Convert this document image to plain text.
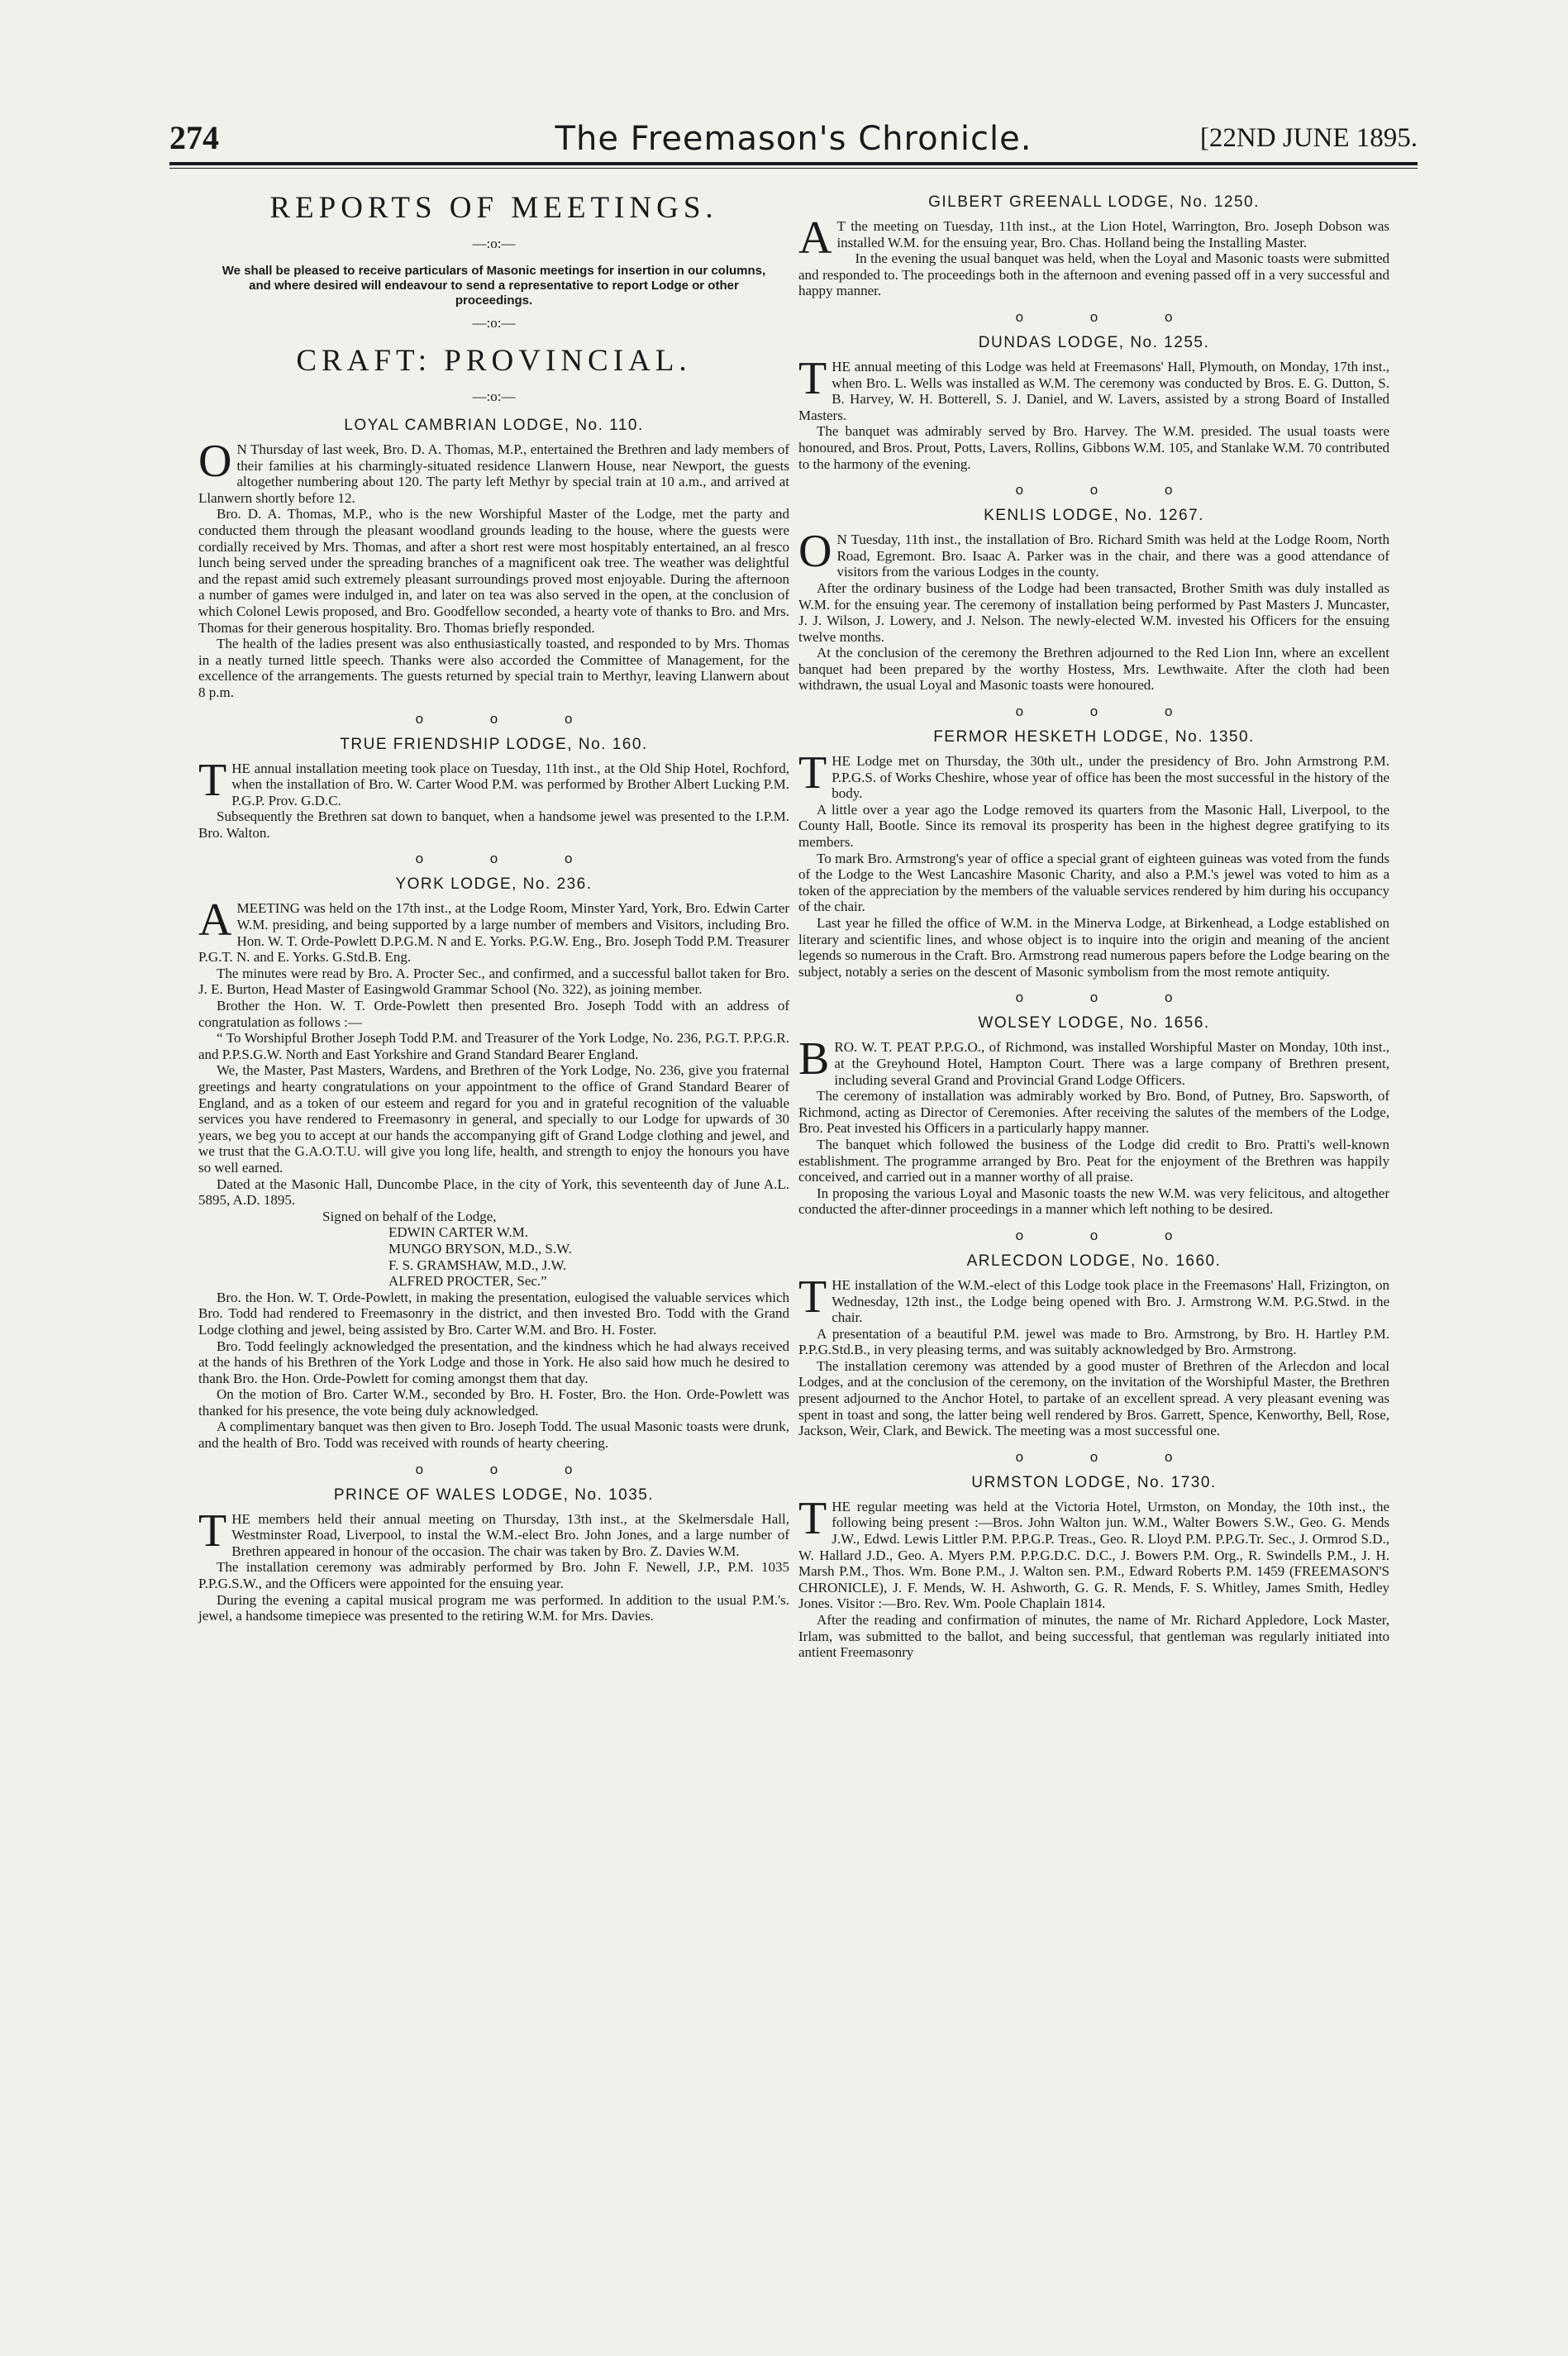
274	The Freemason's Chronicle.	[22ND JUNE 1895.
REPORTS OF MEETINGS.
—:o:—
We shall be pleased to receive particulars of Masonic meetings for insertion in our columns, and where desired will endeavour to send a representative to report Lodge or other proceedings.
—:o:—
CRAFT: PROVINCIAL.
—:o:—
LOYAL CAMBRIAN LODGE, No. 110.

ON Thursday of last week, Bro. D. A. Thomas, M.P., entertained the Brethren and lady members of their families at his charmingly-situated residence Llanwern House, near Newport, the guests altogether numbering about 120. The party left Methyr by special train at 10 a.m., and arrived at Llanwern shortly before 12.

Bro. D. A. Thomas, M.P., who is the new Worshipful Master of the Lodge, met the party and conducted them through the pleasant woodland grounds leading to the house, where the guests were cordially received by Mrs. Thomas, and after a short rest were most hospitably entertained, an al fresco lunch being served under the spreading branches of a magnificent oak tree. The weather was delightful and the repast amid such extremely pleasant surroundings proved most enjoyable. During the afternoon a number of games were indulged in, and later on tea was also served in the open, at the conclusion of which Colonel Lewis proposed, and Bro. Goodfellow seconded, a hearty vote of thanks to Bro. and Mrs. Thomas for their generous hospitality. Bro. Thomas briefly responded.

The health of the ladies present was also enthusiastically toasted, and responded to by Mrs. Thomas in a neatly turned little speech. Thanks were also accorded the Committee of Management, for the excellence of the arrangements. The guests returned by special train to Merthyr, leaving Llanwern about 8 p.m.

o o o
TRUE FRIENDSHIP LODGE, No. 160.

THE annual installation meeting took place on Tuesday, 11th inst., at the Old Ship Hotel, Rochford, when the installation of Bro. W. Carter Wood P.M. was performed by Brother Albert Lucking P.M. P.G.P. Prov. G.D.C.

Subsequently the Brethren sat down to banquet, when a handsome jewel was presented to the I.P.M. Bro. Walton.

o o o
YORK LODGE, No. 236.

AMEETING was held on the 17th inst., at the Lodge Room, Minster Yard, York, Bro. Edwin Carter W.M. presiding, and being supported by a large number of members and Visitors, including Bro. Hon. W. T. Orde-Powlett D.P.G.M. N and E. Yorks. P.G.W. Eng., Bro. Joseph Todd P.M. Treasurer P.G.T. N. and E. Yorks. G.Std.B. Eng.

The minutes were read by Bro. A. Procter Sec., and confirmed, and a successful ballot taken for Bro. J. E. Burton, Head Master of Easingwold Grammar School (No. 322), as joining member.

Brother the Hon. W. T. Orde-Powlett then presented Bro. Joseph Todd with an address of congratulation as follows :—

“ To Worshipful Brother Joseph Todd P.M. and Treasurer of the York Lodge, No. 236, P.G.T. P.P.G.R. and P.P.S.G.W. North and East Yorkshire and Grand Standard Bearer England.

We, the Master, Past Masters, Wardens, and Brethren of the York Lodge, No. 236, give you fraternal greetings and hearty congratulations on your appointment to the office of Grand Standard Bearer of England, and as a token of our esteem and regard for you and in grateful recognition of the valuable services you have rendered to Freemasonry in general, and specially to our Lodge for upwards of 30 years, we beg you to accept at our hands the accompanying gift of Grand Lodge clothing and jewel, and we trust that the G.A.O.T.U. will give you long life, health, and strength to enjoy the honours you have so well earned.

Dated at the Masonic Hall, Duncombe Place, in the city of York, this seventeenth day of June A.L. 5895, A.D. 1895.

Signed on behalf of the Lodge,

EDWIN CARTER W.M.

MUNGO BRYSON, M.D., S.W.

F. S. GRAMSHAW, M.D., J.W.

ALFRED PROCTER, Sec.”

Bro. the Hon. W. T. Orde-Powlett, in making the presentation, eulogised the valuable services which Bro. Todd had rendered to Freemasonry in the district, and then invested Bro. Todd with the Grand Lodge clothing and jewel, being assisted by Bro. Carter W.M. and Bro. H. Foster.

Bro. Todd feelingly acknowledged the presentation, and the kindness which he had always received at the hands of his Brethren of the York Lodge and those in York. He also said how much he desired to thank Bro. the Hon. Orde-Powlett for coming amongst them that day.

On the motion of Bro. Carter W.M., seconded by Bro. H. Foster, Bro. the Hon. Orde-Powlett was thanked for his presence, the vote being duly acknowledged.

A complimentary banquet was then given to Bro. Joseph Todd. The usual Masonic toasts were drunk, and the health of Bro. Todd was received with rounds of hearty cheering.

o o o
PRINCE OF WALES LODGE, No. 1035.

THE members held their annual meeting on Thursday, 13th inst., at the Skelmersdale Hall, Westminster Road, Liverpool, to instal the W.M.-elect Bro. John Jones, and a large number of Brethren appeared in honour of the occasion. The chair was taken by Bro. Z. Davies W.M.

The installation ceremony was admirably performed by Bro. John F. Newell, J.P., P.M. 1035 P.P.G.S.W., and the Officers were appointed for the ensuing year.

During the evening a capital musical program me was performed. In addition to the usual P.M.'s. jewel, a handsome timepiece was presented to the retiring W.M. for Mrs. Davies.

GILBERT GREENALL LODGE, No. 1250.

AT the meeting on Tuesday, 11th inst., at the Lion Hotel, Warrington, Bro. Joseph Dobson was installed W.M. for the ensuing year, Bro. Chas. Holland being the Installing Master.

In the evening the usual banquet was held, when the Loyal and Masonic toasts were submitted and responded to. The proceedings both in the afternoon and evening passed off in a very successful and happy manner.

o o o
DUNDAS LODGE, No. 1255.

THE annual meeting of this Lodge was held at Freemasons' Hall, Plymouth, on Monday, 17th inst., when Bro. L. Wells was installed as W.M. The ceremony was conducted by Bros. E. G. Dutton, S. B. Harvey, W. H. Botterell, S. J. Daniel, and W. Lavers, assisted by a strong Board of Installed Masters.

The banquet was admirably served by Bro. Harvey. The W.M. presided. The usual toasts were honoured, and Bros. Prout, Potts, Lavers, Rollins, Gibbons W.M. 105, and Stanlake W.M. 70 contributed to the harmony of the evening.

o o o
KENLIS LODGE, No. 1267.

ON Tuesday, 11th inst., the installation of Bro. Richard Smith was held at the Lodge Room, North Road, Egremont. Bro. Isaac A. Parker was in the chair, and there was a good attendance of visitors from the various Lodges in the county.

After the ordinary business of the Lodge had been transacted, Brother Smith was duly installed as W.M. for the ensuing year. The ceremony of installation being performed by Past Masters J. Muncaster, J. J. Wilson, J. Lowery, and J. Nelson. The newly-elected W.M. invested his Officers for the ensuing twelve months.

At the conclusion of the ceremony the Brethren adjourned to the Red Lion Inn, where an excellent banquet had been prepared by the worthy Hostess, Mrs. Lewthwaite. After the cloth had been withdrawn, the usual Loyal and Masonic toasts were honoured.

o o o
FERMOR HESKETH LODGE, No. 1350.

THE Lodge met on Thursday, the 30th ult., under the presidency of Bro. John Armstrong P.M. P.P.G.S. of Works Cheshire, whose year of office has been the most successful in the history of the body.

A little over a year ago the Lodge removed its quarters from the Masonic Hall, Liverpool, to the County Hall, Bootle. Since its removal its prosperity has been in the highest degree gratifying to its members.

To mark Bro. Armstrong's year of office a special grant of eighteen guineas was voted from the funds of the Lodge to the West Lancashire Masonic Charity, and also a P.M.'s jewel was voted to him as a token of the appreciation by the members of the valuable services rendered by him during his occupancy of the chair.

Last year he filled the office of W.M. in the Minerva Lodge, at Birkenhead, a Lodge established on literary and scientific lines, and whose object is to inquire into the origin and meaning of the ancient legends so numerous in the Craft. Bro. Armstrong read numerous papers before the Lodge bearing on the subject, notably a series on the descent of Masonic symbolism from the most remote antiquity.

o o o
WOLSEY LODGE, No. 1656.

BRO. W. T. PEAT P.P.G.O., of Richmond, was installed Worshipful Master on Monday, 10th inst., at the Greyhound Hotel, Hampton Court. There was a large company of Brethren present, including several Grand and Provincial Grand Lodge Officers.

The ceremony of installation was admirably worked by Bro. Bond, of Putney, Bro. Sapsworth, of Richmond, acting as Director of Ceremonies. After receiving the salutes of the members of the Lodge, Bro. Peat invested his Officers in a particularly happy manner.

The banquet which followed the business of the Lodge did credit to Bro. Pratti's well-known establishment. The programme arranged by Bro. Peat for the enjoyment of the Brethren was happily conceived, and carried out in a manner worthy of all praise.

In proposing the various Loyal and Masonic toasts the new W.M. was very felicitous, and altogether conducted the after-dinner proceedings in a manner which left nothing to be desired.

o o o
ARLECDON LODGE, No. 1660.

THE installation of the W.M.-elect of this Lodge took place in the Freemasons' Hall, Frizington, on Wednesday, 12th inst., the Lodge being opened with Bro. J. Armstrong W.M. P.G.Stwd. in the chair.

A presentation of a beautiful P.M. jewel was made to Bro. Armstrong, by Bro. H. Hartley P.M. P.P.G.Std.B., in very pleasing terms, and was suitably acknowledged by Bro. Armstrong.

The installation ceremony was attended by a good muster of Brethren of the Arlecdon and local Lodges, and at the conclusion of the ceremony, on the invitation of the Worshipful Master, the Brethren present adjourned to the Anchor Hotel, to partake of an excellent spread. A very pleasant evening was spent in toast and song, the latter being well rendered by Bros. Garrett, Spence, Kenworthy, Bell, Rose, Jackson, Weir, Clark, and Bewick. The meeting was a most successful one.

o o o
URMSTON LODGE, No. 1730.

THE regular meeting was held at the Victoria Hotel, Urmston, on Monday, the 10th inst., the following being present :—Bros. John Walton jun. W.M., Walter Bowers S.W., Geo. G. Mends J.W., Edwd. Lewis Littler P.M. P.P.G.P. Treas., Geo. R. Lloyd P.M. P.P.G.Tr. Sec., J. Ormrod S.D., W. Hallard J.D., Geo. A. Myers P.M. P.P.G.D.C. D.C., J. Bowers P.M. Org., R. Swindells P.M., J. H. Marsh P.M., Thos. Wm. Bone P.M., J. Walton sen. P.M., Edward Roberts P.M. 1459 (FREEMASON'S CHRONICLE), J. F. Mends, W. H. Ashworth, G. G. R. Mends, F. S. Whitley, James Smith, Hedley Jones. Visitor :—Bro. Rev. Wm. Poole Chaplain 1814.

After the reading and confirmation of minutes, the name of Mr. Richard Appledore, Lock Master, Irlam, was submitted to the ballot, and being successful, that gentleman was regularly initiated into antient Freemasonry
